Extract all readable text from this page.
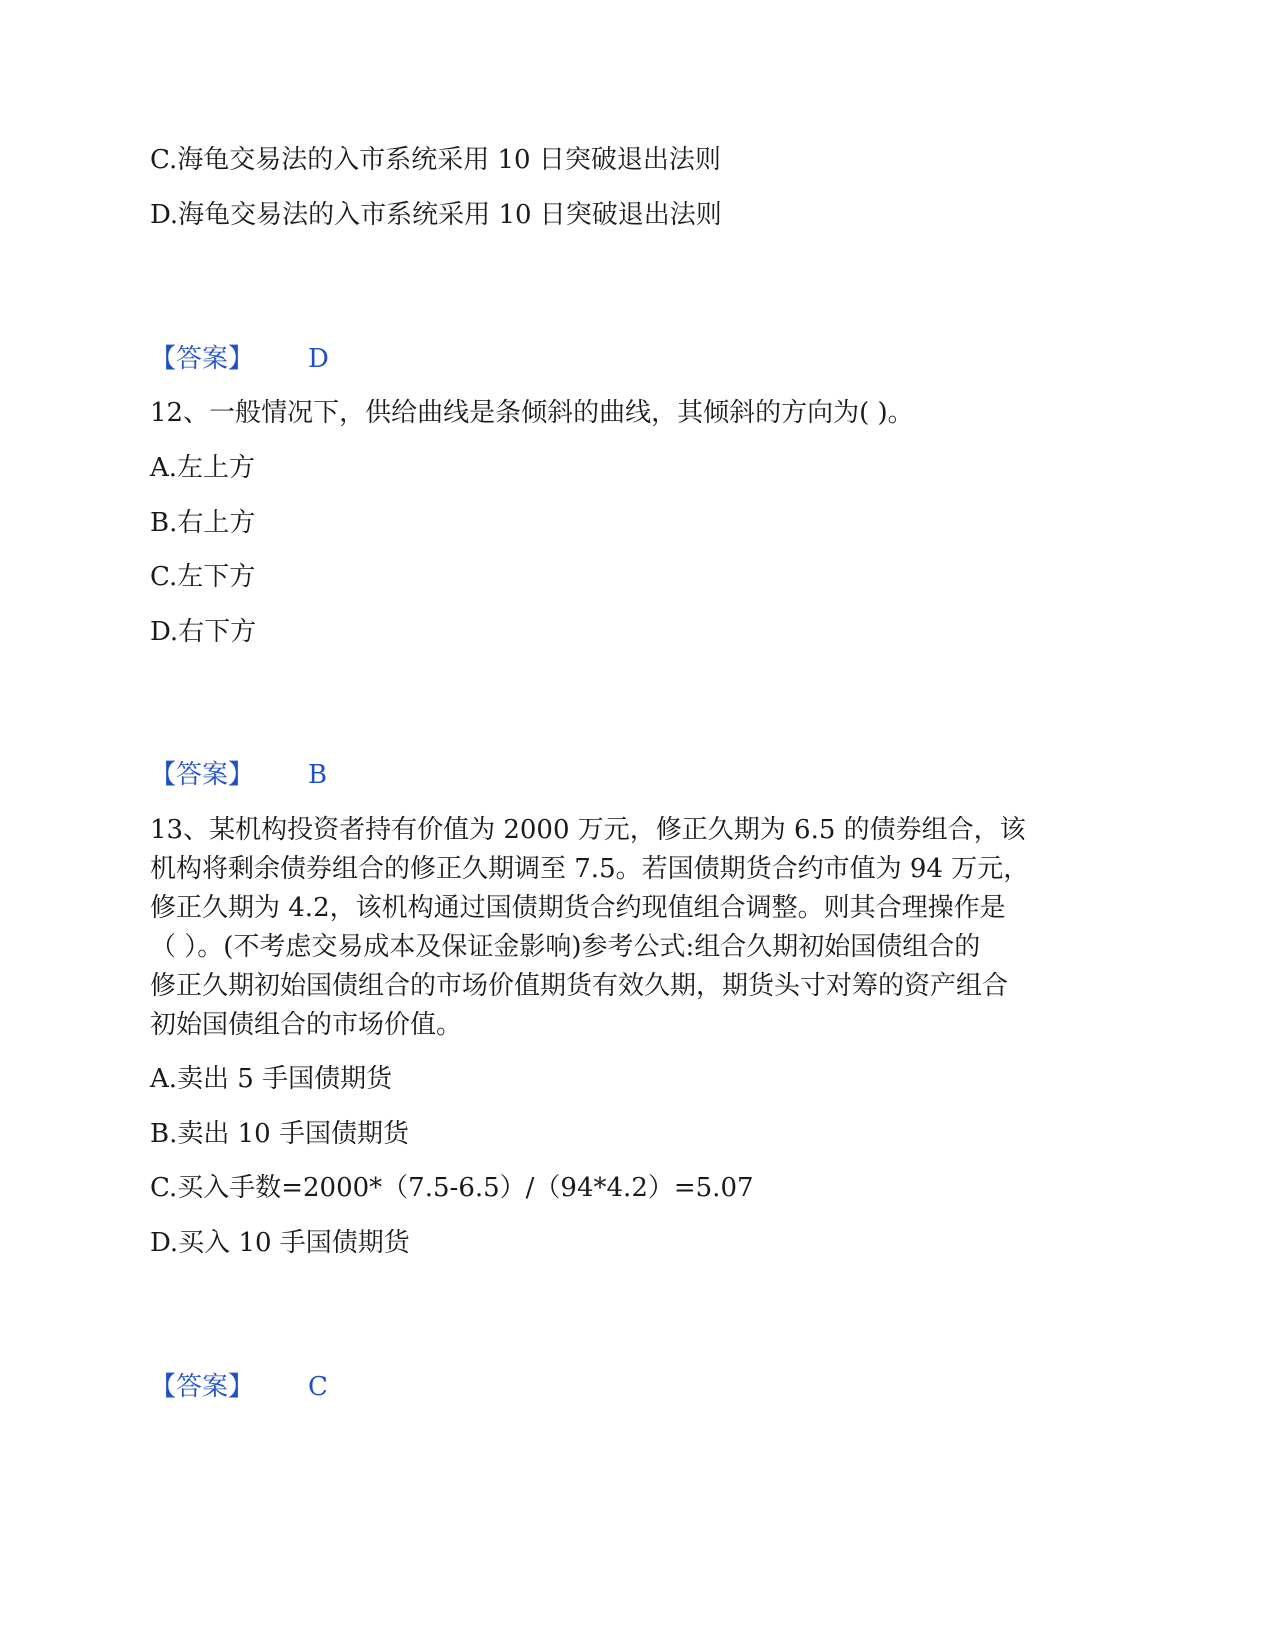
C.海龟交易法的入市系统采用 10 日突破退出法则
D.海龟交易法的入市系统采用 10 日突破退出法则
【答案】 D
12、一般情况下，供给曲线是条倾斜的曲线，其倾斜的方向为( )。
A.左上方
B.右上方
C.左下方
D.右下方
【答案】 B
13、某机构投资者持有价值为 2000 万元，修正久期为 6.5 的债券组合，该
机构将剩余债券组合的修正久期调至 7.5。若国债期货合约市值为 94 万元，
修正久期为 4.2，该机构通过国债期货合约现值组合调整。则其合理操作是
（ ）。(不考虑交易成本及保证金影响)参考公式:组合久期初始国债组合的
修正久期初始国债组合的市场价值期货有效久期，期货头寸对筹的资产组合
初始国债组合的市场价值。
A.卖出 5 手国债期货
B.卖出 10 手国债期货
C.买入手数=2000*（7.5-6.5）/（94*4.2）=5.07
D.买入 10 手国债期货
【答案】 C
